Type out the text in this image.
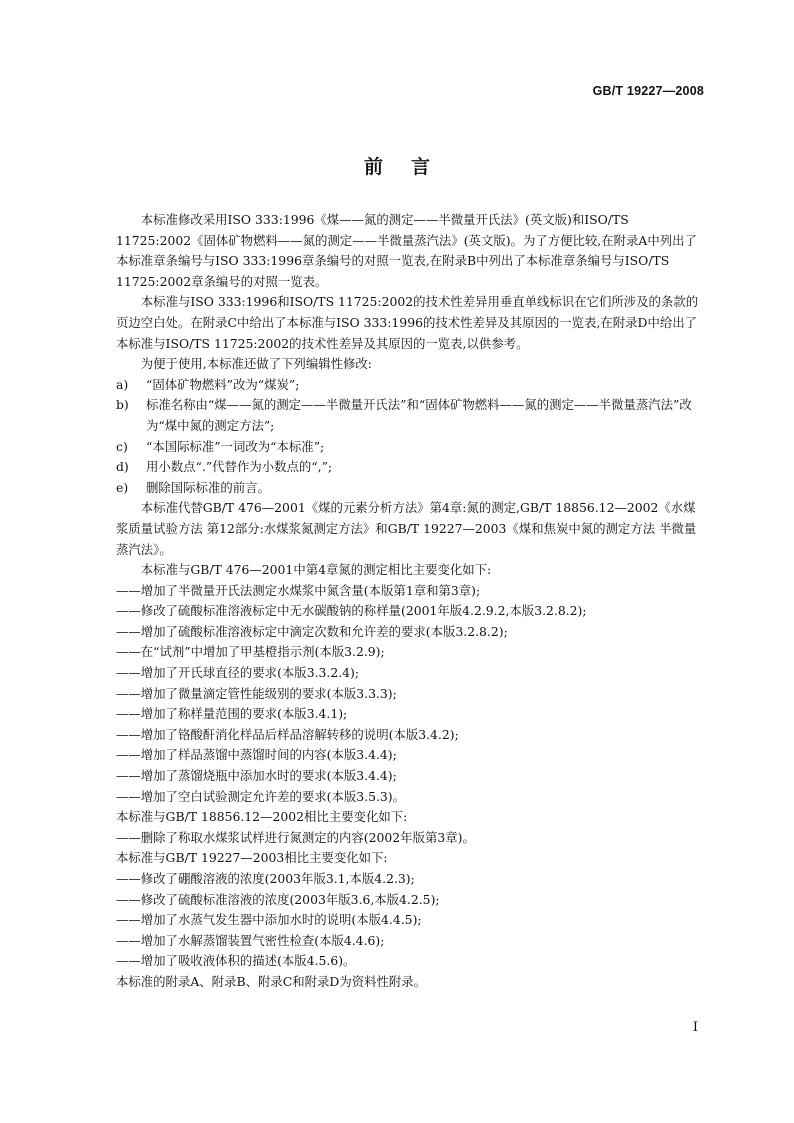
GB/T 19227—2008
前言

本标准修改采用ISO 333:1996《煤——氮的测定——半微量开氏法》(英文版)和ISO/TS 11725:2002《固体矿物燃料——氮的测定——半微量蒸汽法》(英文版)。为了方便比较,在附录A中列出了本标准章条编号与ISO 333:1996章条编号的对照一览表,在附录B中列出了本标准章条编号与ISO/TS 11725:2002章条编号的对照一览表。

本标准与ISO 333:1996和ISO/TS 11725:2002的技术性差异用垂直单线标识在它们所涉及的条款的页边空白处。在附录C中给出了本标准与ISO 333:1996的技术性差异及其原因的一览表,在附录D中给出了本标准与ISO/TS 11725:2002的技术性差异及其原因的一览表,以供参考。

为便于使用,本标准还做了下列编辑性修改:

a)	“固体矿物燃料”改为“煤炭”;
b)	标准名称由“煤——氮的测定——半微量开氏法”和“固体矿物燃料——氮的测定——半微量蒸汽法”改为“煤中氮的测定方法”;
c)	“本国际标准”一词改为“本标准”;
d)	用小数点“.”代替作为小数点的“,”;
e)	删除国际标准的前言。

本标准代替GB/T 476—2001《煤的元素分析方法》第4章:氮的测定,GB/T 18856.12—2002《水煤浆质量试验方法 第12部分:水煤浆氮测定方法》和GB/T 19227—2003《煤和焦炭中氮的测定方法 半微量蒸汽法》。

本标准与GB/T 476—2001中第4章氮的测定相比主要变化如下:

——增加了半微量开氏法测定水煤浆中氮含量(本版第1章和第3章);

——修改了硫酸标准溶液标定中无水碳酸钠的称样量(2001年版4.2.9.2,本版3.2.8.2);

——增加了硫酸标准溶液标定中滴定次数和允许差的要求(本版3.2.8.2);

——在“试剂”中增加了甲基橙指示剂(本版3.2.9);

——增加了开氏球直径的要求(本版3.3.2.4);

——增加了微量滴定管性能级别的要求(本版3.3.3);

——增加了称样量范围的要求(本版3.4.1);

——增加了铬酸酐消化样品后样品溶解转移的说明(本版3.4.2);

——增加了样品蒸馏中蒸馏时间的内容(本版3.4.4);

——增加了蒸馏烧瓶中添加水时的要求(本版3.4.4);

——增加了空白试验测定允许差的要求(本版3.5.3)。

本标准与GB/T 18856.12—2002相比主要变化如下:

——删除了称取水煤浆试样进行氮测定的内容(2002年版第3章)。

本标准与GB/T 19227—2003相比主要变化如下:

——修改了硼酸溶液的浓度(2003年版3.1,本版4.2.3);

——修改了硫酸标准溶液的浓度(2003年版3.6,本版4.2.5);

——增加了水蒸气发生器中添加水时的说明(本版4.4.5);

——增加了水解蒸馏装置气密性检查(本版4.4.6);

——增加了吸收液体积的描述(本版4.5.6)。

本标准的附录A、附录B、附录C和附录D为资料性附录。

I
